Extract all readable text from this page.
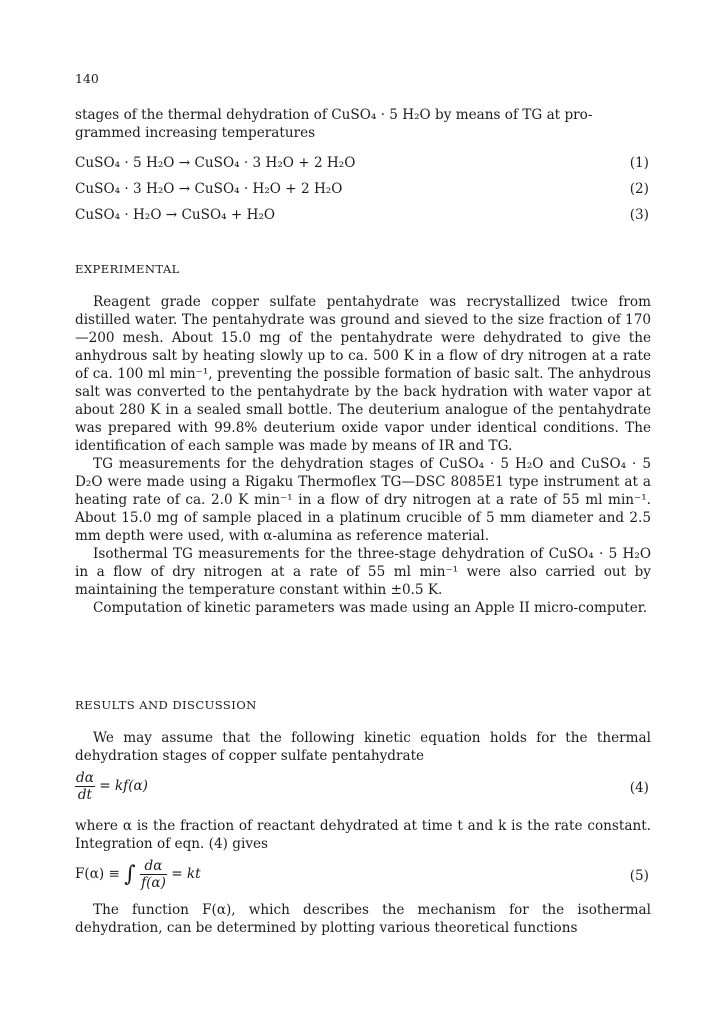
140

stages of the thermal dehydration of CuSO₄ · 5 H₂O by means of TG at pro-

grammed increasing temperatures

CuSO₄ · 5 H₂O → CuSO₄ · 3 H₂O + 2 H₂O	(1)
CuSO₄ · 3 H₂O → CuSO₄ · H₂O + 2 H₂O	(2)
CuSO₄ · H₂O → CuSO₄ + H₂O	(3)
EXPERIMENTAL

Reagent grade copper sulfate pentahydrate was recrystallized twice from distilled water. The pentahydrate was ground and sieved to the size fraction of 170—200 mesh. About 15.0 mg of the pentahydrate were dehydrated to give the anhydrous salt by heating slowly up to ca. 500 K in a flow of dry nitrogen at a rate of ca. 100 ml min⁻¹, preventing the possible formation of basic salt. The anhydrous salt was converted to the pentahydrate by the back hydration with water vapor at about 280 K in a sealed small bottle. The deuterium analogue of the pentahydrate was prepared with 99.8% deuterium oxide vapor under identical conditions. The identification of each sample was made by means of IR and TG.

TG measurements for the dehydration stages of CuSO₄ · 5 H₂O and CuSO₄ · 5 D₂O were made using a Rigaku Thermoflex TG—DSC 8085E1 type instrument at a heating rate of ca. 2.0 K min⁻¹ in a flow of dry nitrogen at a rate of 55 ml min⁻¹. About 15.0 mg of sample placed in a platinum crucible of 5 mm diameter and 2.5 mm depth were used, with α-alumina as reference material.

Isothermal TG measurements for the three-stage dehydration of CuSO₄ · 5 H₂O in a flow of dry nitrogen at a rate of 55 ml min⁻¹ were also carried out by maintaining the temperature constant within ±0.5 K.

Computation of kinetic parameters was made using an Apple II micro-computer.

RESULTS AND DISCUSSION

We may assume that the following kinetic equation holds for the thermal dehydration stages of copper sulfate pentahydrate

$\frac{d\alpha}{dt} = kf(\alpha)$	(4)

where α is the fraction of reactant dehydrated at time t and k is the rate constant. Integration of eqn. (4) gives

F(α) ≡ ∫ $\frac{d\alpha}{f(\alpha)}$ = kt	(5)

The function F(α), which describes the mechanism for the isothermal dehydration, can be determined by plotting various theoretical functions
